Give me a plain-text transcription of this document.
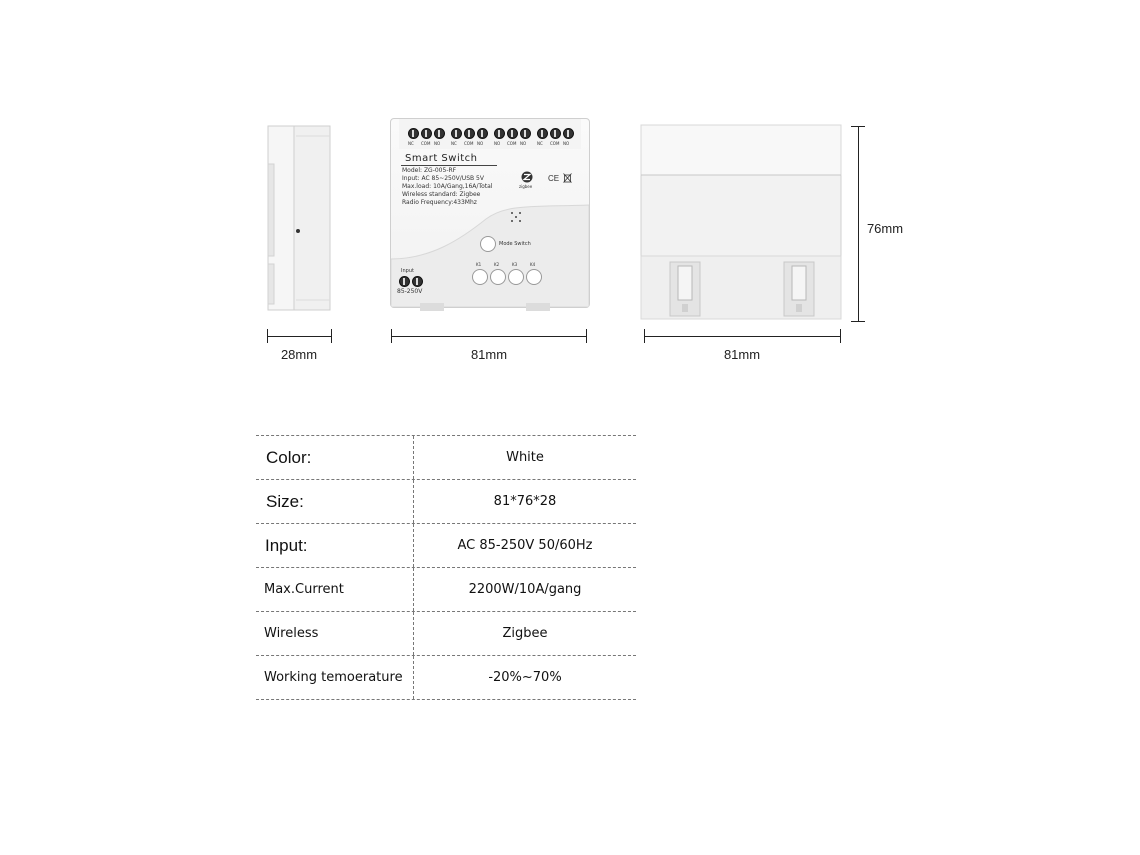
28mm
NC COM NO	NC COM NO	NO COM NO	NC COM NO
Smart Switch
Model: ZG-005-RF
Input: AC 85~250V/USB 5V
Max.load: 10A/Gang,16A/Total
Wireless standard: Zigbee
Radio Frequency:433Mhz
zigbee
CE
Mode Switch
K1	K2	K3	K4
Input
85-250V
81mm	81mm
76mm
Color:	White
Size:	81*76*28
Input:	AC 85-250V 50/60Hz
Max.Current	2200W/10A/gang
Wireless	Zigbee
Working temoerature	-20%~70%
